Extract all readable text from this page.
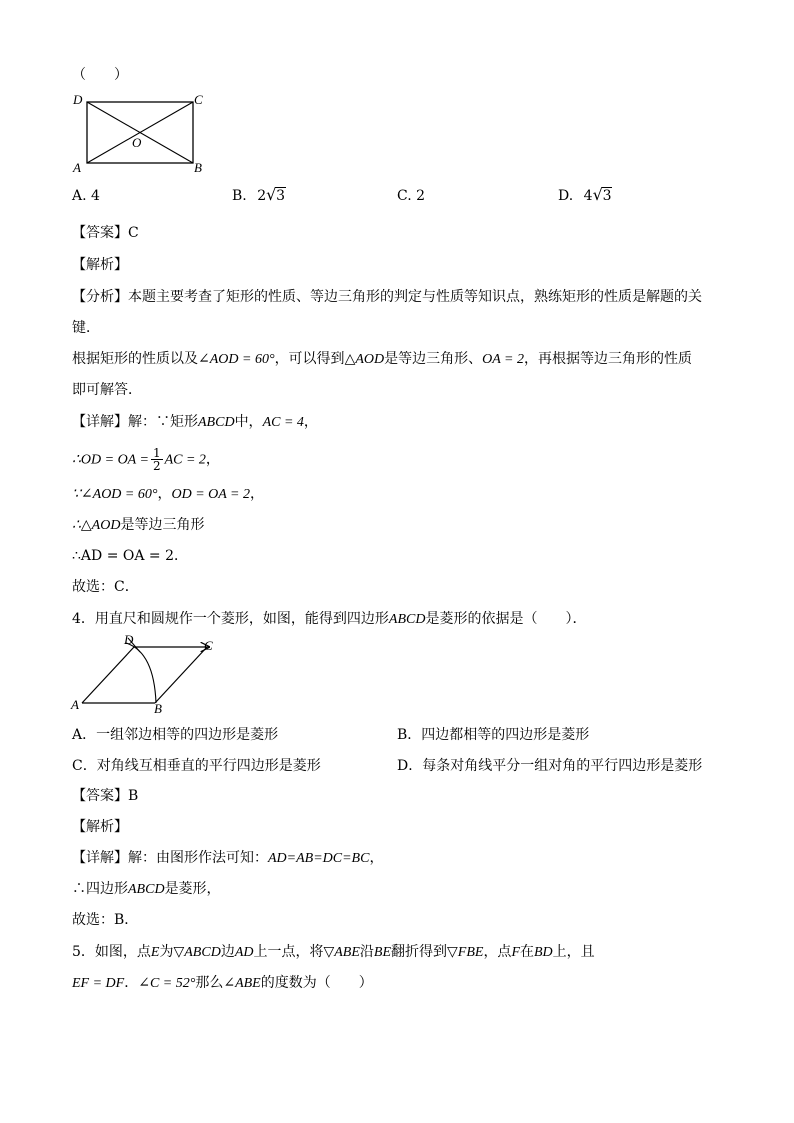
（　　）
D	C
A	B
O
A. 4	B. 2 √ 3	C. 2	D. 4 √ 3
【答案】C
【解析】
【分析】本题主要考查了矩形的性质、等边三角形的判定与性质等知识点，熟练矩形的性质是解题的关
键．
根据矩形的性质以及∠AOD = 60°，可以得到△AOD是等边三角形、OA = 2，再根据等边三角形的性质
即可解答．
【详解】解：∵矩形ABCD中，AC = 4，
∴OD = OA = $\frac{1}{2}$ AC = 2，
∵∠AOD = 60°，OD = OA = 2，
∴△AOD是等边三角形
∴AD = OA = 2．
故选：C．
4．用直尺和圆规作一个菱形，如图，能得到四边形ABCD是菱形的依据是（　　）．
D	C
A	B
A．一组邻边相等的四边形是菱形	B．四边都相等的四边形是菱形
C．对角线互相垂直的平行四边形是菱形	D．每条对角线平分一组对角的平行四边形是菱形
【答案】B
【解析】
【详解】解：由图形作法可知：AD=AB=DC=BC，
∴四边形ABCD是菱形，
故选：B．
5．如图，点E为▽ABCD边AD上一点，将▽ABE沿BE翻折得到▽FBE，点F在BD上，且
EF = DF．∠C = 52°那么∠ABE的度数为（　　）
